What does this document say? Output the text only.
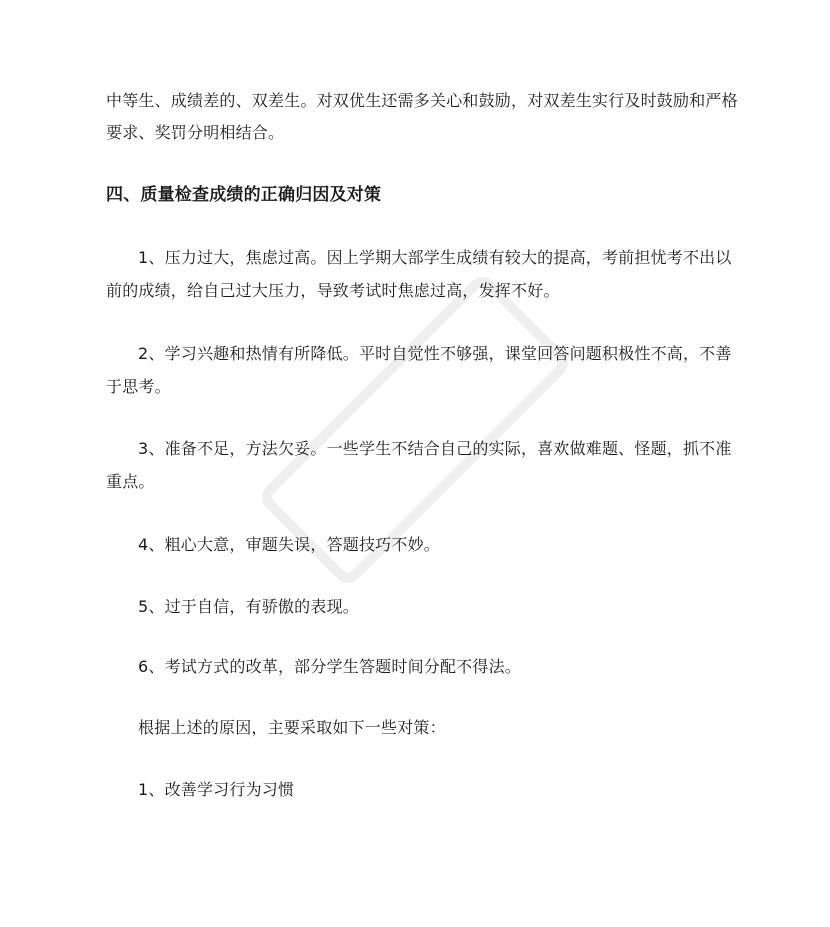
中等生、成绩差的、双差生。对双优生还需多关心和鼓励，对双差生实行及时鼓励和严格
要求、奖罚分明相结合。
四、质量检查成绩的正确归因及对策
1、压力过大，焦虑过高。因上学期大部学生成绩有较大的提高，考前担忧考不出以
前的成绩，给自己过大压力，导致考试时焦虑过高，发挥不好。
2、学习兴趣和热情有所降低。平时自觉性不够强，课堂回答问题积极性不高，不善
于思考。
3、准备不足，方法欠妥。一些学生不结合自己的实际，喜欢做难题、怪题，抓不准
重点。
4、粗心大意，审题失误，答题技巧不妙。
5、过于自信，有骄傲的表现。
6、考试方式的改革，部分学生答题时间分配不得法。
根据上述的原因，主要采取如下一些对策：
1、改善学习行为习惯
